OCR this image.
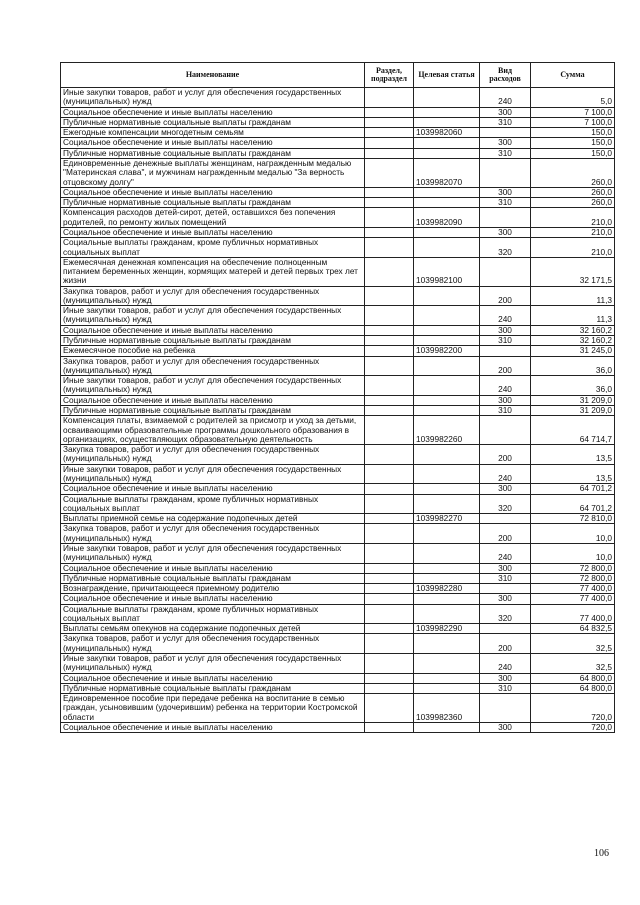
Наименование	Раздел, подраздел	Целевая статья	Вид расходов	Сумма
Иные закупки товаров, работ и услуг для обеспечения государственных (муниципальных) нужд			240	5,0
Социальное обеспечение и иные выплаты населению			300	7 100,0
Публичные нормативные социальные выплаты гражданам			310	7 100,0
Ежегодные компенсации многодетным семьям		1039982060		150,0
Социальное обеспечение и иные выплаты населению			300	150,0
Публичные нормативные социальные выплаты гражданам			310	150,0
Единовременные денежные выплаты женщинам, награжденным медалью "Материнская слава", и мужчинам награжденным медалью "За верность отцовскому долгу"		1039982070		260,0
Социальное обеспечение и иные выплаты населению			300	260,0
Публичные нормативные социальные выплаты гражданам			310	260,0
Компенсация расходов детей-сирот, детей, оставшихся без попечения родителей, по ремонту жилых помещений		1039982090		210,0
Социальное обеспечение и иные выплаты населению			300	210,0
Социальные выплаты гражданам, кроме публичных нормативных социальных выплат			320	210,0
Ежемесячная денежная компенсация на обеспечение полноценным питанием беременных женщин, кормящих матерей и детей первых трех лет жизни		1039982100		32 171,5
Закупка товаров, работ и услуг для обеспечения государственных (муниципальных) нужд			200	11,3
Иные закупки товаров, работ и услуг для обеспечения государственных (муниципальных) нужд			240	11,3
Социальное обеспечение и иные выплаты населению			300	32 160,2
Публичные нормативные социальные выплаты гражданам			310	32 160,2
Ежемесячное пособие на ребенка		1039982200		31 245,0
Закупка товаров, работ и услуг для обеспечения государственных (муниципальных) нужд			200	36,0
Иные закупки товаров, работ и услуг для обеспечения государственных (муниципальных) нужд			240	36,0
Социальное обеспечение и иные выплаты населению			300	31 209,0
Публичные нормативные социальные выплаты гражданам			310	31 209,0
Компенсация платы, взимаемой с родителей за присмотр и уход за детьми, осваивающими образовательные программы дошкольного образования в организациях, осуществляющих образовательную деятельность		1039982260		64 714,7
Закупка товаров, работ и услуг для обеспечения государственных (муниципальных) нужд			200	13,5
Иные закупки товаров, работ и услуг для обеспечения государственных (муниципальных) нужд			240	13,5
Социальное обеспечение и иные выплаты населению			300	64 701,2
Социальные выплаты гражданам, кроме публичных нормативных социальных выплат			320	64 701,2
Выплаты приемной семье на содержание подопечных детей		1039982270		72 810,0
Закупка товаров, работ и услуг для обеспечения государственных (муниципальных) нужд			200	10,0
Иные закупки товаров, работ и услуг для обеспечения государственных (муниципальных) нужд			240	10,0
Социальное обеспечение и иные выплаты населению			300	72 800,0
Публичные нормативные социальные выплаты гражданам			310	72 800,0
Вознаграждение, причитающееся приемному родителю		1039982280		77 400,0
Социальное обеспечение и иные выплаты населению			300	77 400,0
Социальные выплаты гражданам, кроме публичных нормативных социальных выплат			320	77 400,0
Выплаты семьям опекунов на содержание подопечных детей		1039982290		64 832,5
Закупка товаров, работ и услуг для обеспечения государственных (муниципальных) нужд			200	32,5
Иные закупки товаров, работ и услуг для обеспечения государственных (муниципальных) нужд			240	32,5
Социальное обеспечение и иные выплаты населению			300	64 800,0
Публичные нормативные социальные выплаты гражданам			310	64 800,0
Единовременное пособие при передаче ребенка на воспитание в семью граждан, усыновившим (удочерившим) ребенка на территории Костромской области		1039982360		720,0
Социальное обеспечение и иные выплаты населению			300	720,0
106
